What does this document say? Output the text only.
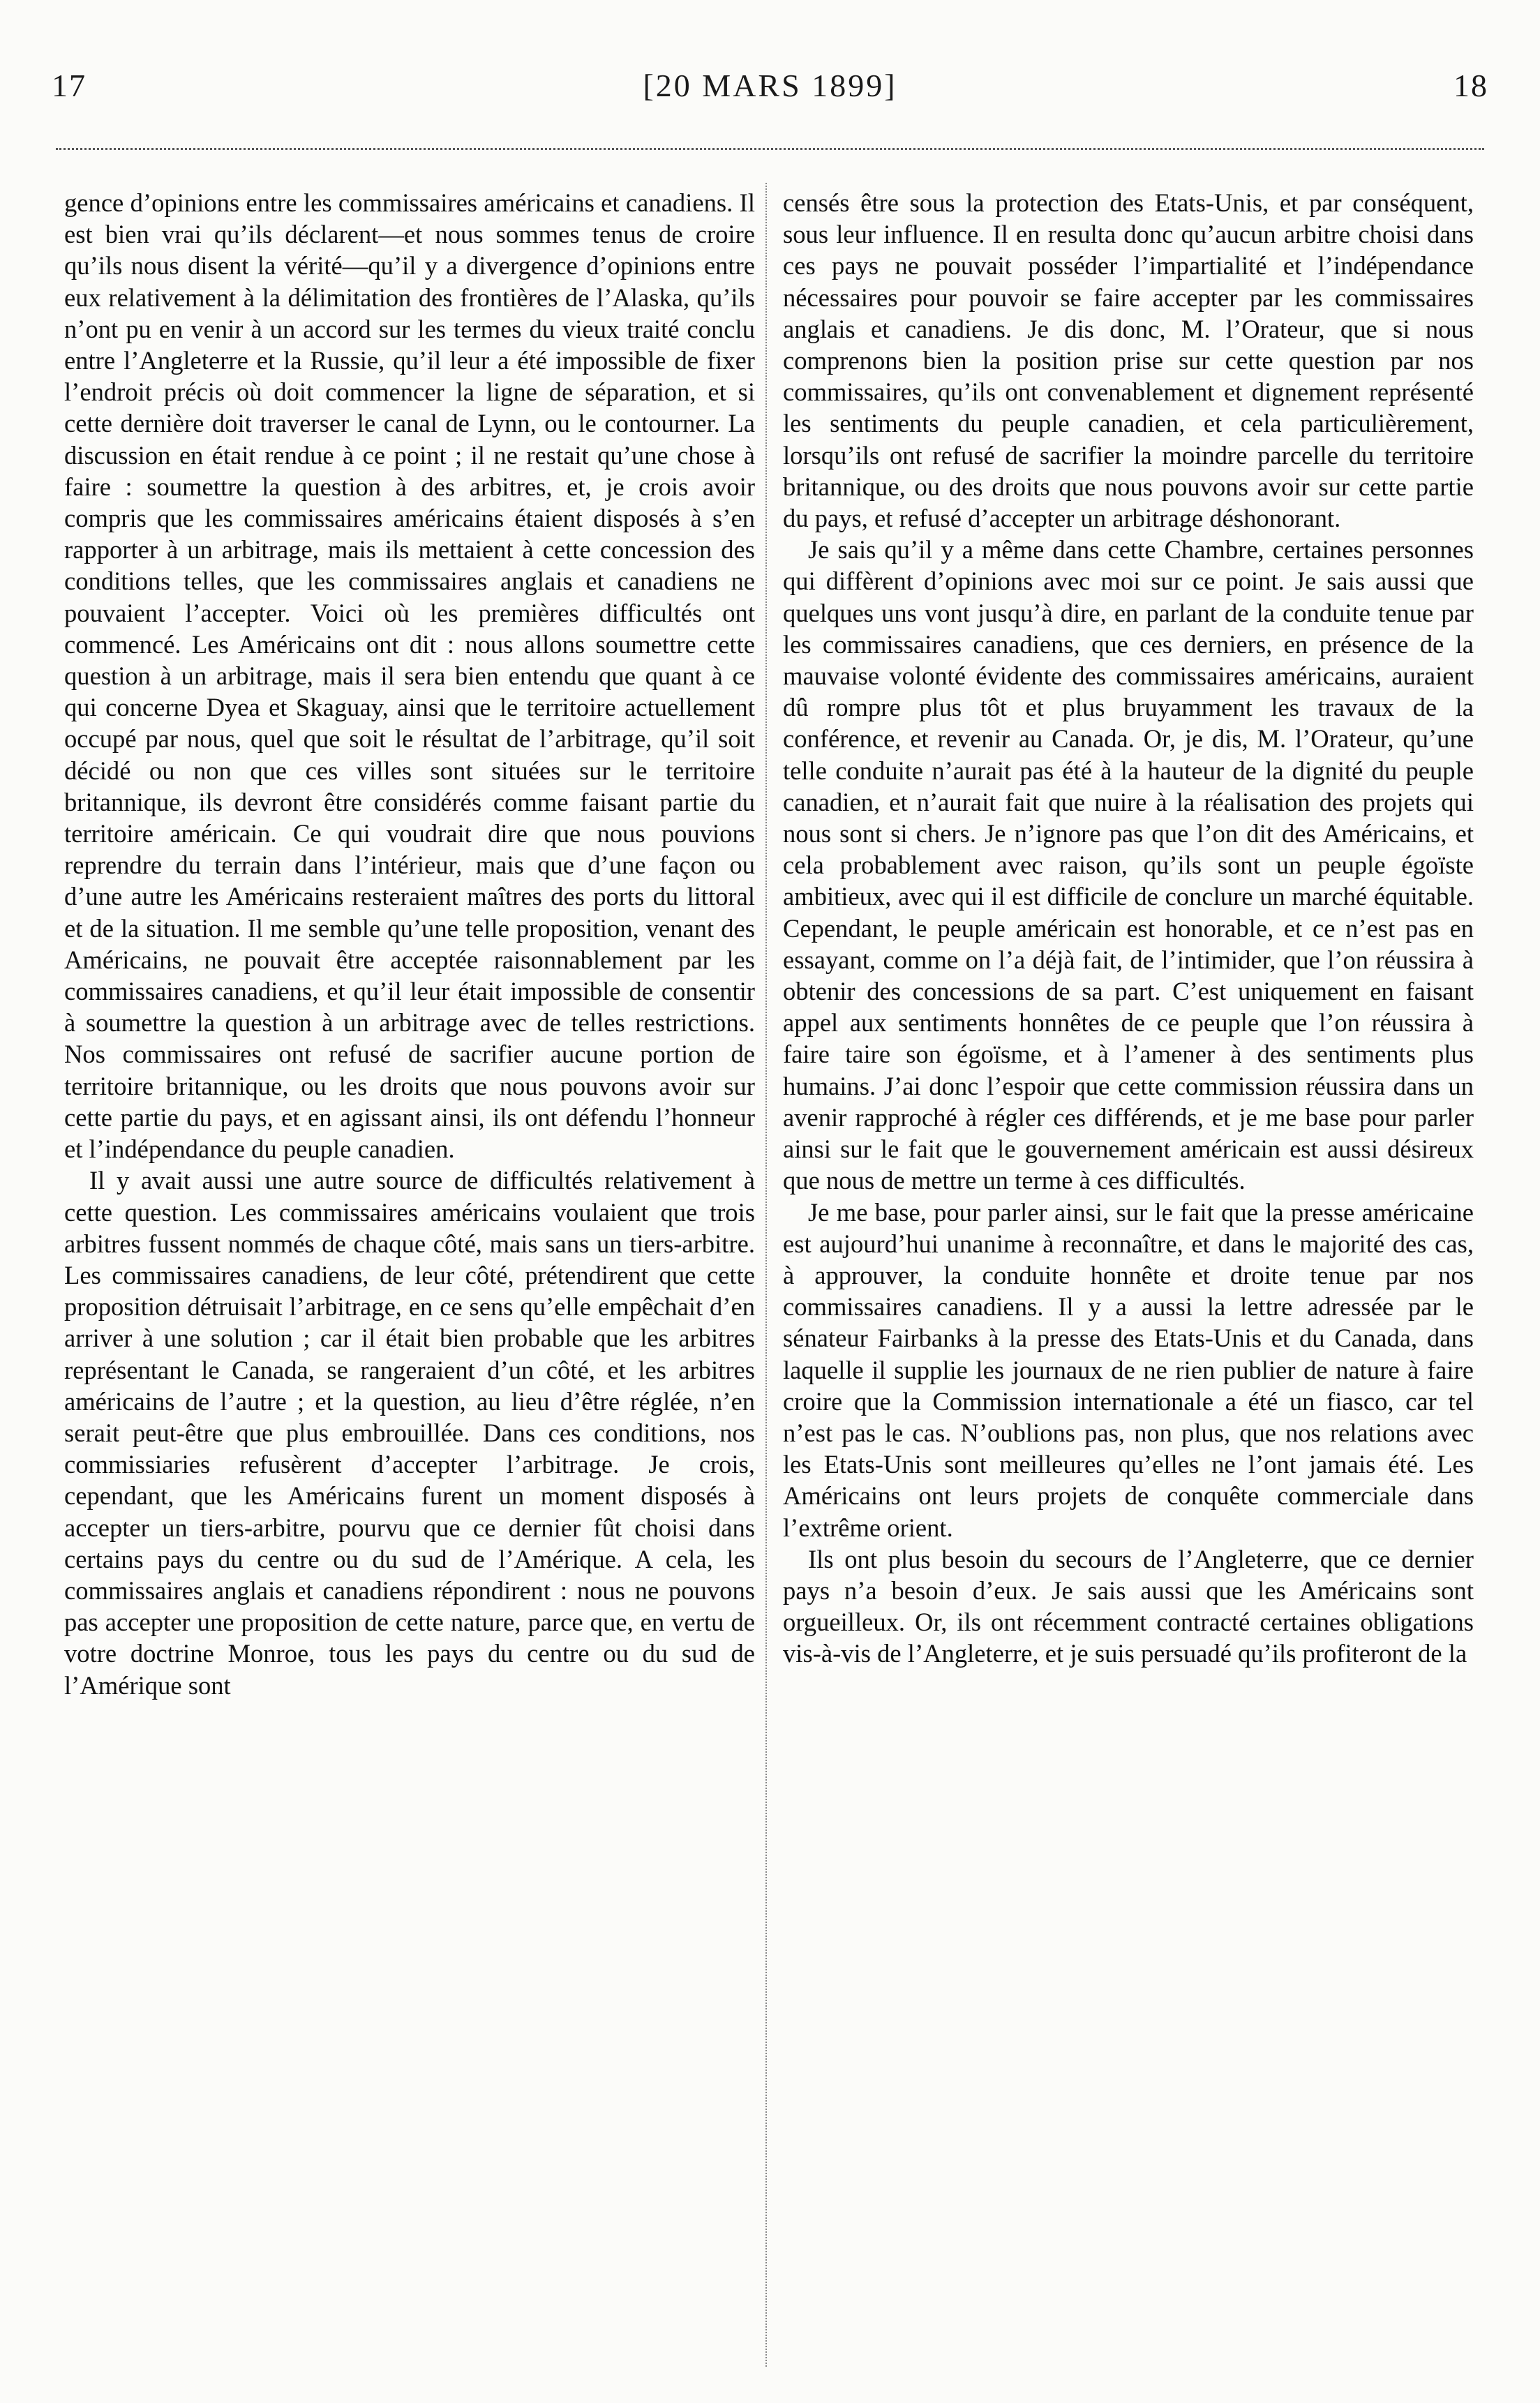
17	[20 MARS 1899]	18

gence d’opinions entre les commissaires américains et canadiens. Il est bien vrai qu’ils déclarent—et nous sommes tenus de croire qu’ils nous disent la vérité—qu’il y a divergence d’opinions entre eux relativement à la délimitation des frontières de l’Alaska, qu’ils n’ont pu en venir à un accord sur les termes du vieux traité conclu entre l’Angleterre et la Russie, qu’il leur a été impossible de fixer l’endroit précis où doit commencer la ligne de séparation, et si cette dernière doit traverser le canal de Lynn, ou le contourner. La discussion en était rendue à ce point ; il ne restait qu’une chose à faire : soumettre la question à des arbitres, et, je crois avoir compris que les commissaires américains étaient disposés à s’en rapporter à un arbitrage, mais ils mettaient à cette concession des conditions telles, que les commissaires anglais et canadiens ne pouvaient l’accepter. Voici où les premières difficultés ont commencé. Les Américains ont dit : nous allons soumettre cette question à un arbitrage, mais il sera bien entendu que quant à ce qui concerne Dyea et Skaguay, ainsi que le territoire actuellement occupé par nous, quel que soit le résultat de l’arbitrage, qu’il soit décidé ou non que ces villes sont situées sur le territoire britannique, ils devront être considérés comme faisant partie du territoire américain. Ce qui voudrait dire que nous pouvions reprendre du terrain dans l’intérieur, mais que d’une façon ou d’une autre les Américains resteraient maîtres des ports du littoral et de la situation. Il me semble qu’une telle proposition, venant des Américains, ne pouvait être acceptée raisonnablement par les commissaires canadiens, et qu’il leur était impossible de consentir à soumettre la question à un arbitrage avec de telles restrictions. Nos commissaires ont refusé de sacrifier aucune portion de territoire britannique, ou les droits que nous pouvons avoir sur cette partie du pays, et en agissant ainsi, ils ont défendu l’honneur et l’indépendance du peuple canadien.

Il y avait aussi une autre source de difficultés relativement à cette question. Les commissaires américains voulaient que trois arbitres fussent nommés de chaque côté, mais sans un tiers-arbitre. Les commissaires canadiens, de leur côté, prétendirent que cette proposition détruisait l’arbitrage, en ce sens qu’elle empêchait d’en arriver à une solution ; car il était bien probable que les arbitres représentant le Canada, se rangeraient d’un côté, et les arbitres américains de l’autre ; et la question, au lieu d’être réglée, n’en serait peut-être que plus embrouillée. Dans ces conditions, nos commissiaries refusèrent d’accepter l’arbitrage. Je crois, cependant, que les Américains furent un moment disposés à accepter un tiers-arbitre, pourvu que ce dernier fût choisi dans certains pays du centre ou du sud de l’Amérique. A cela, les commissaires anglais et canadiens répondirent : nous ne pouvons pas accepter une proposition de cette nature, parce que, en vertu de votre doctrine Monroe, tous les pays du centre ou du sud de l’Amérique sont

censés être sous la protection des Etats-Unis, et par conséquent, sous leur influence. Il en resulta donc qu’aucun arbitre choisi dans ces pays ne pouvait posséder l’impartialité et l’indépendance nécessaires pour pouvoir se faire accepter par les commissaires anglais et canadiens. Je dis donc, M. l’Orateur, que si nous comprenons bien la position prise sur cette question par nos commissaires, qu’ils ont convenablement et dignement représenté les sentiments du peuple canadien, et cela particulièrement, lorsqu’ils ont refusé de sacrifier la moindre parcelle du territoire britannique, ou des droits que nous pouvons avoir sur cette partie du pays, et refusé d’accepter un arbitrage déshonorant.

Je sais qu’il y a même dans cette Chambre, certaines personnes qui diffèrent d’opinions avec moi sur ce point. Je sais aussi que quelques uns vont jusqu’à dire, en parlant de la conduite tenue par les commissaires canadiens, que ces derniers, en présence de la mauvaise volonté évidente des commissaires américains, auraient dû rompre plus tôt et plus bruyamment les travaux de la conférence, et revenir au Canada. Or, je dis, M. l’Orateur, qu’une telle conduite n’aurait pas été à la hauteur de la dignité du peuple canadien, et n’aurait fait que nuire à la réalisation des projets qui nous sont si chers. Je n’ignore pas que l’on dit des Américains, et cela probablement avec raison, qu’ils sont un peuple égoïste ambitieux, avec qui il est difficile de conclure un marché équitable. Cependant, le peuple américain est honorable, et ce n’est pas en essayant, comme on l’a déjà fait, de l’intimider, que l’on réussira à obtenir des concessions de sa part. C’est uniquement en faisant appel aux sentiments honnêtes de ce peuple que l’on réussira à faire taire son égoïsme, et à l’amener à des sentiments plus humains. J’ai donc l’espoir que cette commission réussira dans un avenir rapproché à régler ces différends, et je me base pour parler ainsi sur le fait que le gouvernement américain est aussi désireux que nous de mettre un terme à ces difficultés.

Je me base, pour parler ainsi, sur le fait que la presse américaine est aujourd’hui unanime à reconnaître, et dans le majorité des cas, à approuver, la conduite honnête et droite tenue par nos commissaires canadiens. Il y a aussi la lettre adressée par le sénateur Fairbanks à la presse des Etats-Unis et du Canada, dans laquelle il supplie les journaux de ne rien publier de nature à faire croire que la Commission internationale a été un fiasco, car tel n’est pas le cas. N’oublions pas, non plus, que nos relations avec les Etats-Unis sont meilleures qu’elles ne l’ont jamais été. Les Américains ont leurs projets de conquête commerciale dans l’extrême orient.

Ils ont plus besoin du secours de l’Angleterre, que ce dernier pays n’a besoin d’eux. Je sais aussi que les Américains sont orgueilleux. Or, ils ont récemment contracté certaines obligations vis-à-vis de l’Angleterre, et je suis persuadé qu’ils profiteront de la
